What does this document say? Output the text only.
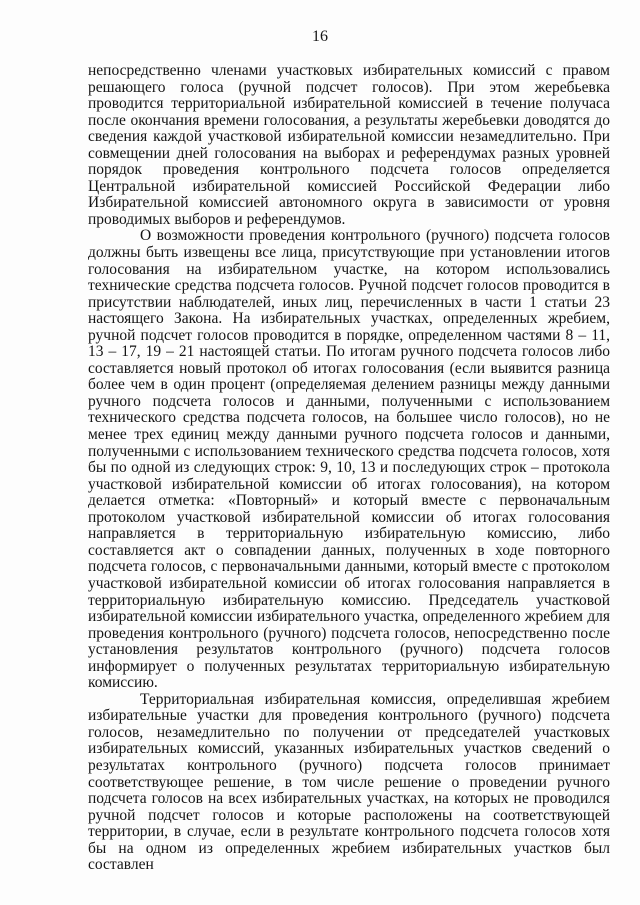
16

непосредственно членами участковых избирательных комиссий с правом решающего голоса (ручной подсчет голосов). При этом жеребьевка проводится территориальной избирательной комиссией в течение получаса после окончания времени голосования, а результаты жеребьевки доводятся до сведения каждой участковой избирательной комиссии незамедлительно. При совмещении дней голосования на выборах и референдумах разных уровней порядок проведения контрольного подсчета голосов определяется Центральной избирательной комиссией Российской Федерации либо Избирательной комиссией автономного округа в зависимости от уровня проводимых выборов и референдумов.

О возможности проведения контрольного (ручного) подсчета голосов должны быть извещены все лица, присутствующие при установлении итогов голосования на избирательном участке, на котором использовались технические средства подсчета голосов. Ручной подсчет голосов проводится в присутствии наблюдателей, иных лиц, перечисленных в части 1 статьи 23 настоящего Закона. На избирательных участках, определенных жребием, ручной подсчет голосов проводится в порядке, определенном частями 8 – 11, 13 – 17, 19 – 21 настоящей статьи. По итогам ручного подсчета голосов либо составляется новый протокол об итогах голосования (если выявится разница более чем в один процент (определяемая делением разницы между данными ручного подсчета голосов и данными, полученными с использованием технического средства подсчета голосов, на большее число голосов), но не менее трех единиц между данными ручного подсчета голосов и данными, полученными с использованием технического средства подсчета голосов, хотя бы по одной из следующих строк: 9, 10, 13 и последующих строк – протокола участковой избирательной комиссии об итогах голосования), на котором делается отметка: «Повторный» и который вместе с первоначальным протоколом участковой избирательной комиссии об итогах голосования направляется в территориальную избирательную комиссию, либо составляется акт о совпадении данных, полученных в ходе повторного подсчета голосов, с первоначальными данными, который вместе с протоколом участковой избирательной комиссии об итогах голосования направляется в территориальную избирательную комиссию. Председатель участковой избирательной комиссии избирательного участка, определенного жребием для проведения контрольного (ручного) подсчета голосов, непосредственно после установления результатов контрольного (ручного) подсчета голосов информирует о полученных результатах территориальную избирательную комиссию.

Территориальная избирательная комиссия, определившая жребием избирательные участки для проведения контрольного (ручного) подсчета голосов, незамедлительно по получении от председателей участковых избирательных комиссий, указанных избирательных участков сведений о результатах контрольного (ручного) подсчета голосов принимает соответствующее решение, в том числе решение о проведении ручного подсчета голосов на всех избирательных участках, на которых не проводился ручной подсчет голосов и которые расположены на соответствующей территории, в случае, если в результате контрольного подсчета голосов хотя бы на одном из определенных жребием избирательных участков был составлен
